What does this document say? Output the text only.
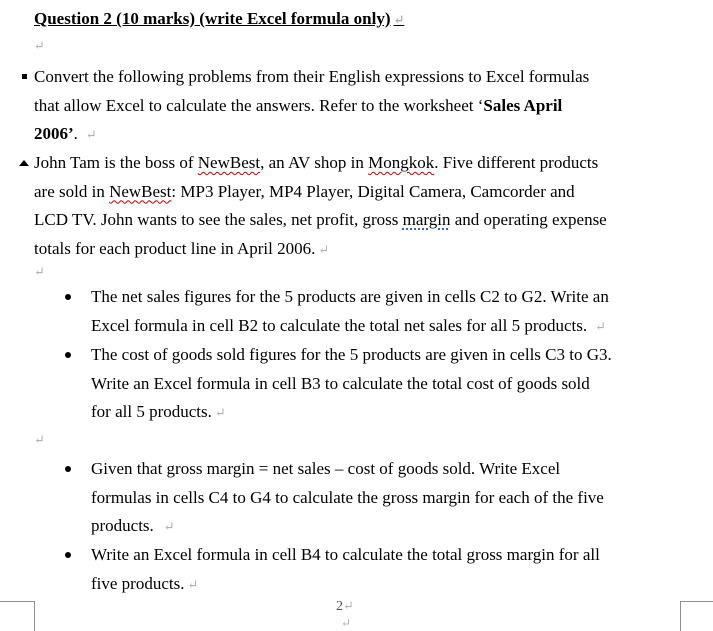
Question 2 (10 marks) (write Excel formula only) ↵
↵
Convert the following problems from their English expressions to Excel formulas
that allow Excel to calculate the answers. Refer to the worksheet ‘Sales April
2006’. ↵
John Tam is the boss of NewBest, an AV shop in Mongkok. Five different products
are sold in NewBest: MP3 Player, MP4 Player, Digital Camera, Camcorder and
LCD TV. John wants to see the sales, net profit, gross margin and operating expense
totals for each product line in April 2006. ↵
↵
The net sales figures for the 5 products are given in cells C2 to G2. Write an
Excel formula in cell B2 to calculate the total net sales for all 5 products. ↵
The cost of goods sold figures for the 5 products are given in cells C3 to G3.
Write an Excel formula in cell B3 to calculate the total cost of goods sold
for all 5 products. ↵
↵
Given that gross margin = net sales – cost of goods sold. Write Excel
formulas in cells C4 to G4 to calculate the gross margin for each of the five
products. ↵
Write an Excel formula in cell B4 to calculate the total gross margin for all
five products. ↵
2↵
↵
